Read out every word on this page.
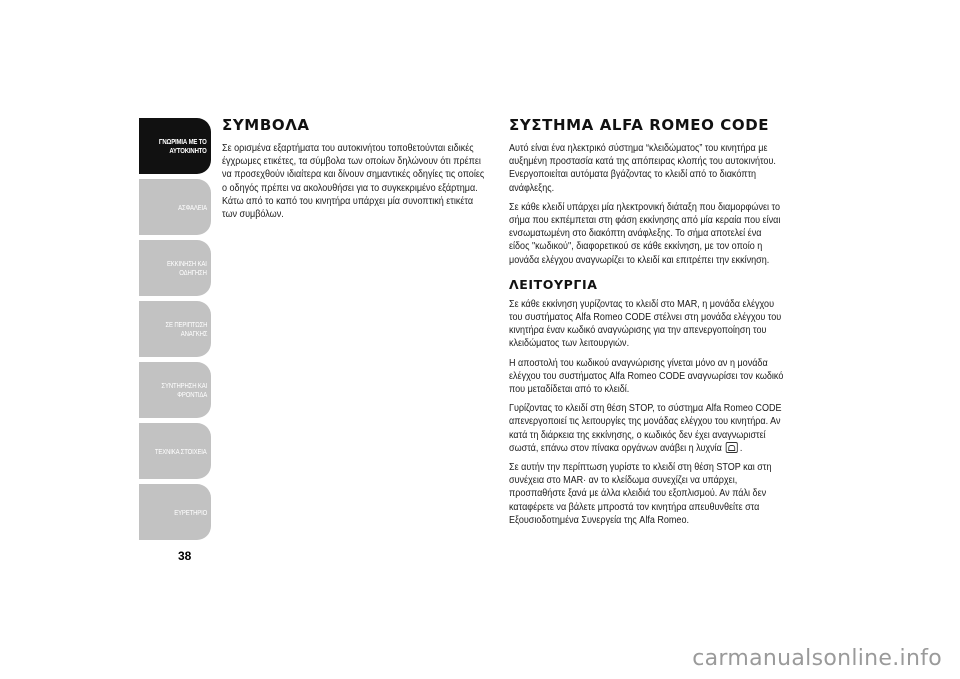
ΓΝΩΡΙΜΙΑ ΜΕ ΤΟ
ΑΥΤΟΚΙΝΗΤΟ
ΑΣΦΑΛΕΙΑ
ΕΚΚΙΝΗΣΗ ΚΑΙ
ΟΔΗΓΗΣΗ
ΣΕ ΠΕΡΙΠΤΩΣΗ
ΑΝΑΓΚΗΣ
ΣΥΝΤΗΡΗΣΗ ΚΑΙ
ΦΡΟΝΤΙΔΑ
ΤΕΧΝΙΚΑ ΣΤΟΙΧΕΙΑ
ΕΥΡΕΤΗΡΙΟ
38
ΣΥΜΒΟΛΑ

Σε ορισμένα εξαρτήματα του αυτοκινήτου τοποθετούνται ειδικές έγχρωμες ετικέτες, τα σύμβολα των οποίων δηλώνουν ότι πρέπει να προσεχθούν ιδιαίτερα και δίνουν σημαντικές οδηγίες τις οποίες ο οδηγός πρέπει να ακολουθήσει για το συγκεκριμένο εξάρτημα. Κάτω από το καπό του κινητήρα υπάρχει μία συνοπτική ετικέτα των συμβόλων.

ΣΥΣΤΗΜΑ ALFA ROMEO CODE

Αυτό είναι ένα ηλεκτρικό σύστημα “κλειδώματος” του κινητήρα με αυξημένη προστασία κατά της απόπειρας κλοπής του αυτοκινήτου. Ενεργοποιείται αυτόματα βγάζοντας το κλειδί από το διακόπτη ανάφλεξης.

Σε κάθε κλειδί υπάρχει μία ηλεκτρονική διάταξη που διαμορφώνει το σήμα που εκπέμπεται στη φάση εκκίνησης από μία κεραία που είναι ενσωματωμένη στο διακόπτη ανάφλεξης. Το σήμα αποτελεί ένα είδος "κωδικού", διαφορετικού σε κάθε εκκίνηση, με τον οποίο η μονάδα ελέγχου αναγνωρίζει το κλειδί και επιτρέπει την εκκίνηση.

ΛΕΙΤΟΥΡΓΙΑ

Σε κάθε εκκίνηση γυρίζοντας το κλειδί στο MAR, η μονάδα ελέγχου του συστήματος Alfa Romeo CODE στέλνει στη μονάδα ελέγχου του κινητήρα έναν κωδικό αναγνώρισης για την απενεργοποίηση του κλειδώματος των λειτουργιών.

Η αποστολή του κωδικού αναγνώρισης γίνεται μόνο αν η μονάδα ελέγχου του συστήματος Alfa Romeo CODE αναγνωρίσει τον κωδικό που μεταδίδεται από το κλειδί.

Γυρίζοντας το κλειδί στη θέση STOP, το σύστημα Alfa Romeo CODE απενεργοποιεί τις λειτουργίες της μονάδας ελέγχου του κινητήρα. Αν κατά τη διάρκεια της εκκίνησης, ο κωδικός δεν έχει αναγνωριστεί σωστά, επάνω στον πίνακα οργάνων ανάβει η λυχνία .

Σε αυτήν την περίπτωση γυρίστε το κλειδί στη θέση STOP και στη συνέχεια στο MAR· αν το κλείδωμα συνεχίζει να υπάρχει, προσπαθήστε ξανά με άλλα κλειδιά του εξοπλισμού. Αν πάλι δεν καταφέρετε να βάλετε μπροστά τον κινητήρα απευθυνθείτε στα Εξουσιοδοτημένα Συνεργεία της Alfa Romeo.

carmanualsonline.info
